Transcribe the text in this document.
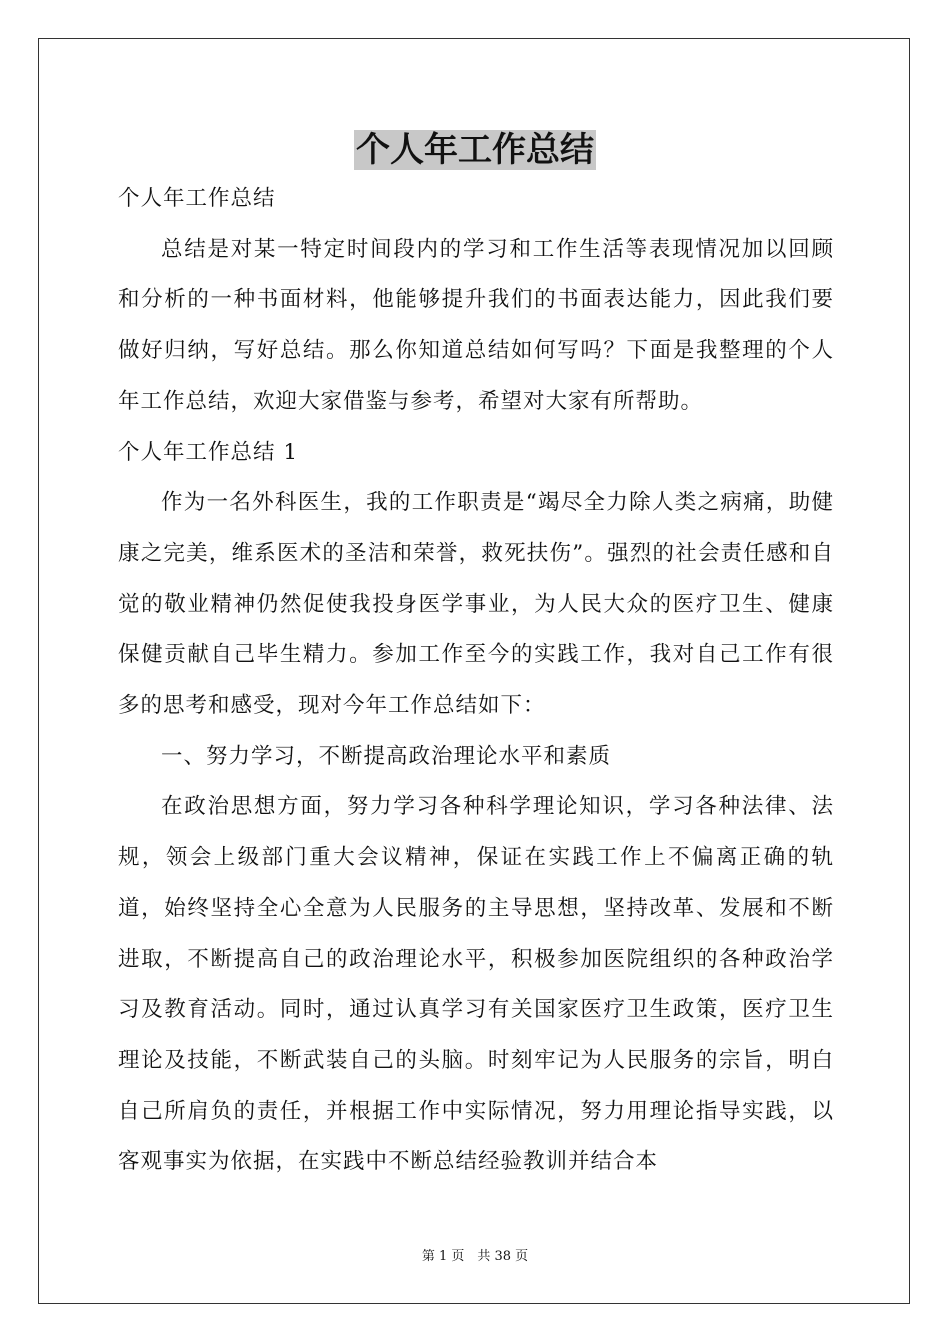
个人年工作总结

个人年工作总结

总结是对某一特定时间段内的学习和工作生活等表现情况加以回顾和分析的一种书面材料，他能够提升我们的书面表达能力，因此我们要做好归纳，写好总结。那么你知道总结如何写吗？下面是我整理的个人年工作总结，欢迎大家借鉴与参考，希望对大家有所帮助。

个人年工作总结 1

作为一名外科医生，我的工作职责是“竭尽全力除人类之病痛，助健康之完美，维系医术的圣洁和荣誉，救死扶伤”。强烈的社会责任感和自觉的敬业精神仍然促使我投身医学事业，为人民大众的医疗卫生、健康保健贡献自己毕生精力。参加工作至今的实践工作，我对自己工作有很多的思考和感受，现对今年工作总结如下：

一、努力学习，不断提高政治理论水平和素质

在政治思想方面，努力学习各种科学理论知识，学习各种法律、法规，领会上级部门重大会议精神，保证在实践工作上不偏离正确的轨道，始终坚持全心全意为人民服务的主导思想，坚持改革、发展和不断进取，不断提高自己的政治理论水平，积极参加医院组织的各种政治学习及教育活动。同时，通过认真学习有关国家医疗卫生政策，医疗卫生理论及技能，不断武装自己的头脑。时刻牢记为人民服务的宗旨，明白自己所肩负的责任，并根据工作中实际情况，努力用理论指导实践，以客观事实为依据，在实践中不断总结经验教训并结合本

第 1 页　共 38 页
